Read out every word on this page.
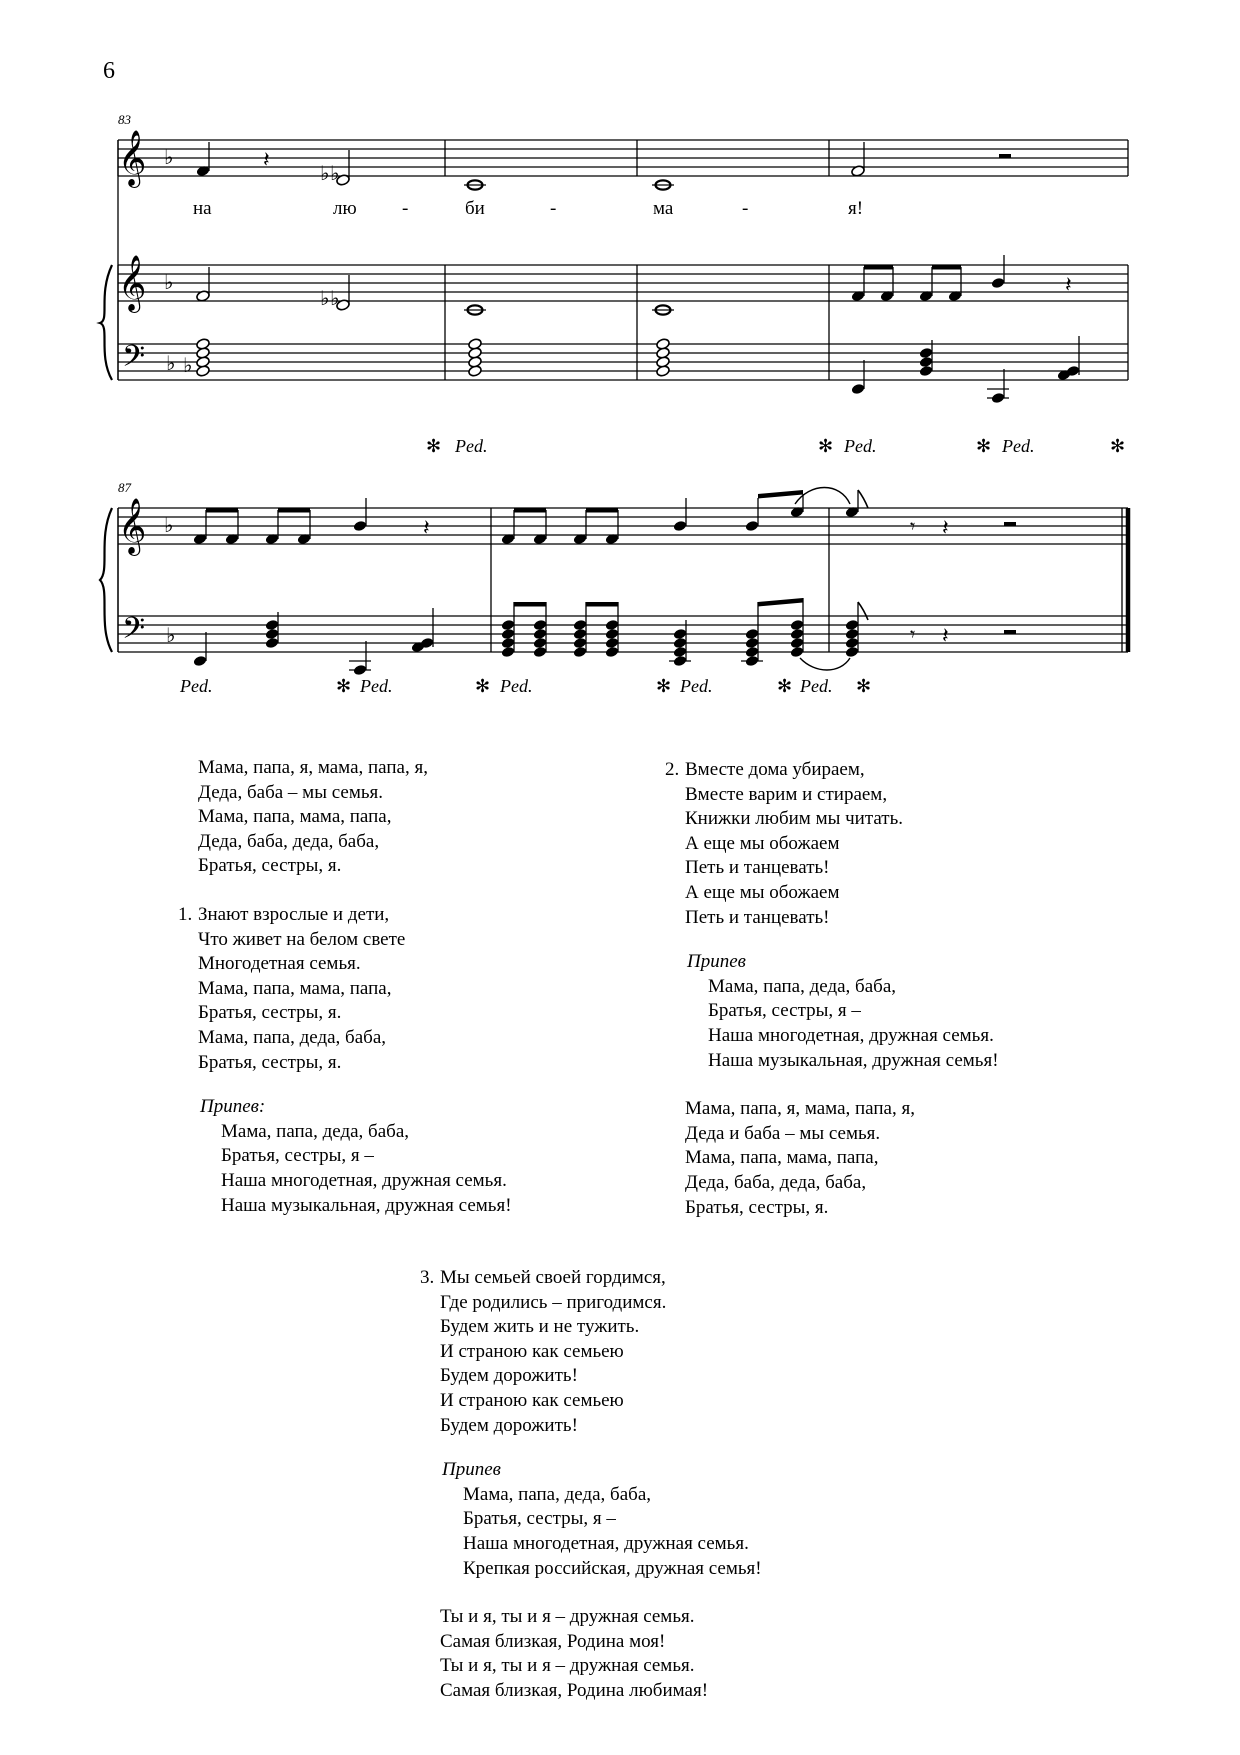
6
𝄞
𝄞
𝄢
♭
♭
♭
83
𝄽
♭ ♭
на	лю -	би	-	ма	-	я!
♭ ♭
𝄽
♭
✻ Ped.	✻ Ped.	✻ Ped.	✻
𝄞
𝄢
♭
♭
87
𝄽	𝄾 𝄽
𝄾 𝄽
Ped.	✻ Ped.	✻ Ped.	✻ Ped.	✻ Ped. ✻
Мама, папа, я, мама, папа, я,
Деда, баба – мы семья.
Мама, папа, мама, папа,
Деда, баба, деда, баба,
Братья, сестры, я.
1. Знают взрослые и дети,
Что живет на белом свете
Многодетная семья.
Мама, папа, мама, папа,
Братья, сестры, я.
Мама, папа, деда, баба,
Братья, сестры, я.
Припев:
Мама, папа, деда, баба,
Братья, сестры, я –
Наша многодетная, дружная семья.
Наша музыкальная, дружная семья!
2. Вместе дома убираем,
Вместе варим и стираем,
Книжки любим мы читать.
А еще мы обожаем
Петь и танцевать!
А еще мы обожаем
Петь и танцевать!
Припев
Мама, папа, деда, баба,
Братья, сестры, я –
Наша многодетная, дружная семья.
Наша музыкальная, дружная семья!
Мама, папа, я, мама, папа, я,
Деда и баба – мы семья.
Мама, папа, мама, папа,
Деда, баба, деда, баба,
Братья, сестры, я.
3. Мы семьей своей гордимся,
Где родились – пригодимся.
Будем жить и не тужить.
И страною как семьею
Будем дорожить!
И страною как семьею
Будем дорожить!
Припев
Мама, папа, деда, баба,
Братья, сестры, я –
Наша многодетная, дружная семья.
Крепкая российская, дружная семья!
Ты и я, ты и я – дружная семья.
Самая близкая, Родина моя!
Ты и я, ты и я – дружная семья.
Самая близкая, Родина любимая!
